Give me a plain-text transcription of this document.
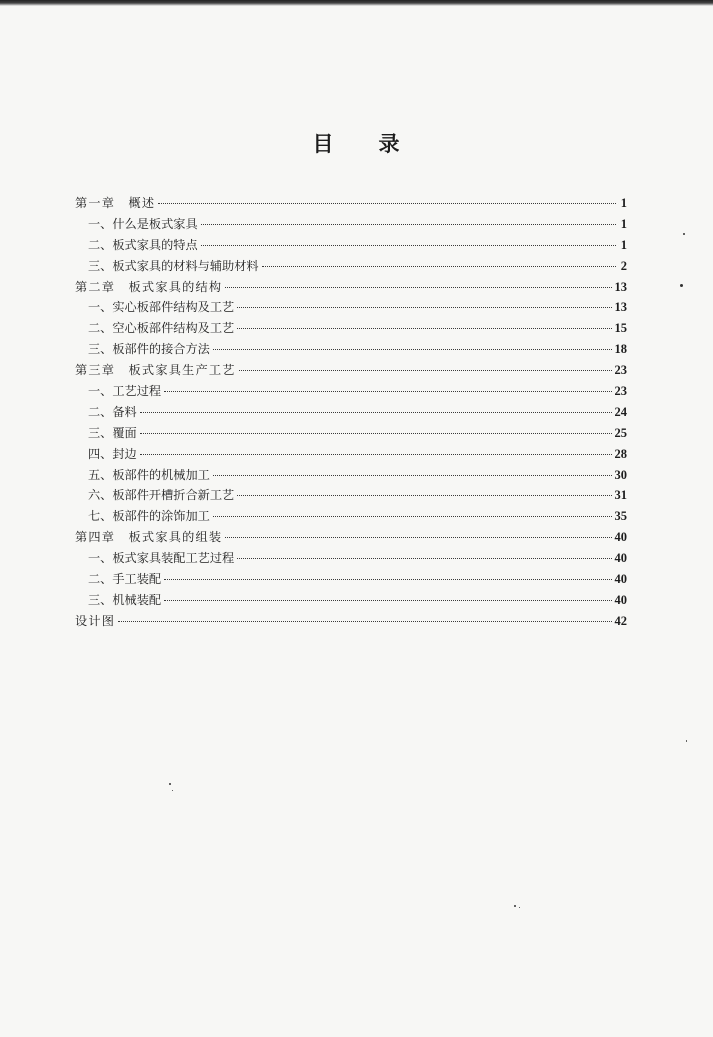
目 录
第一章　概述	1
一、什么是板式家具	1
二、板式家具的特点	1
三、板式家具的材料与辅助材料	2
第二章　板式家具的结构	13
一、实心板部件结构及工艺	13
二、空心板部件结构及工艺	15
三、板部件的接合方法	18
第三章　板式家具生产工艺	23
一、工艺过程	23
二、备料	24
三、覆面	25
四、封边	28
五、板部件的机械加工	30
六、板部件开槽折合新工艺	31
七、板部件的涂饰加工	35
第四章　板式家具的组装	40
一、板式家具装配工艺过程	40
二、手工装配	40
三、机械装配	40
设计图	42
